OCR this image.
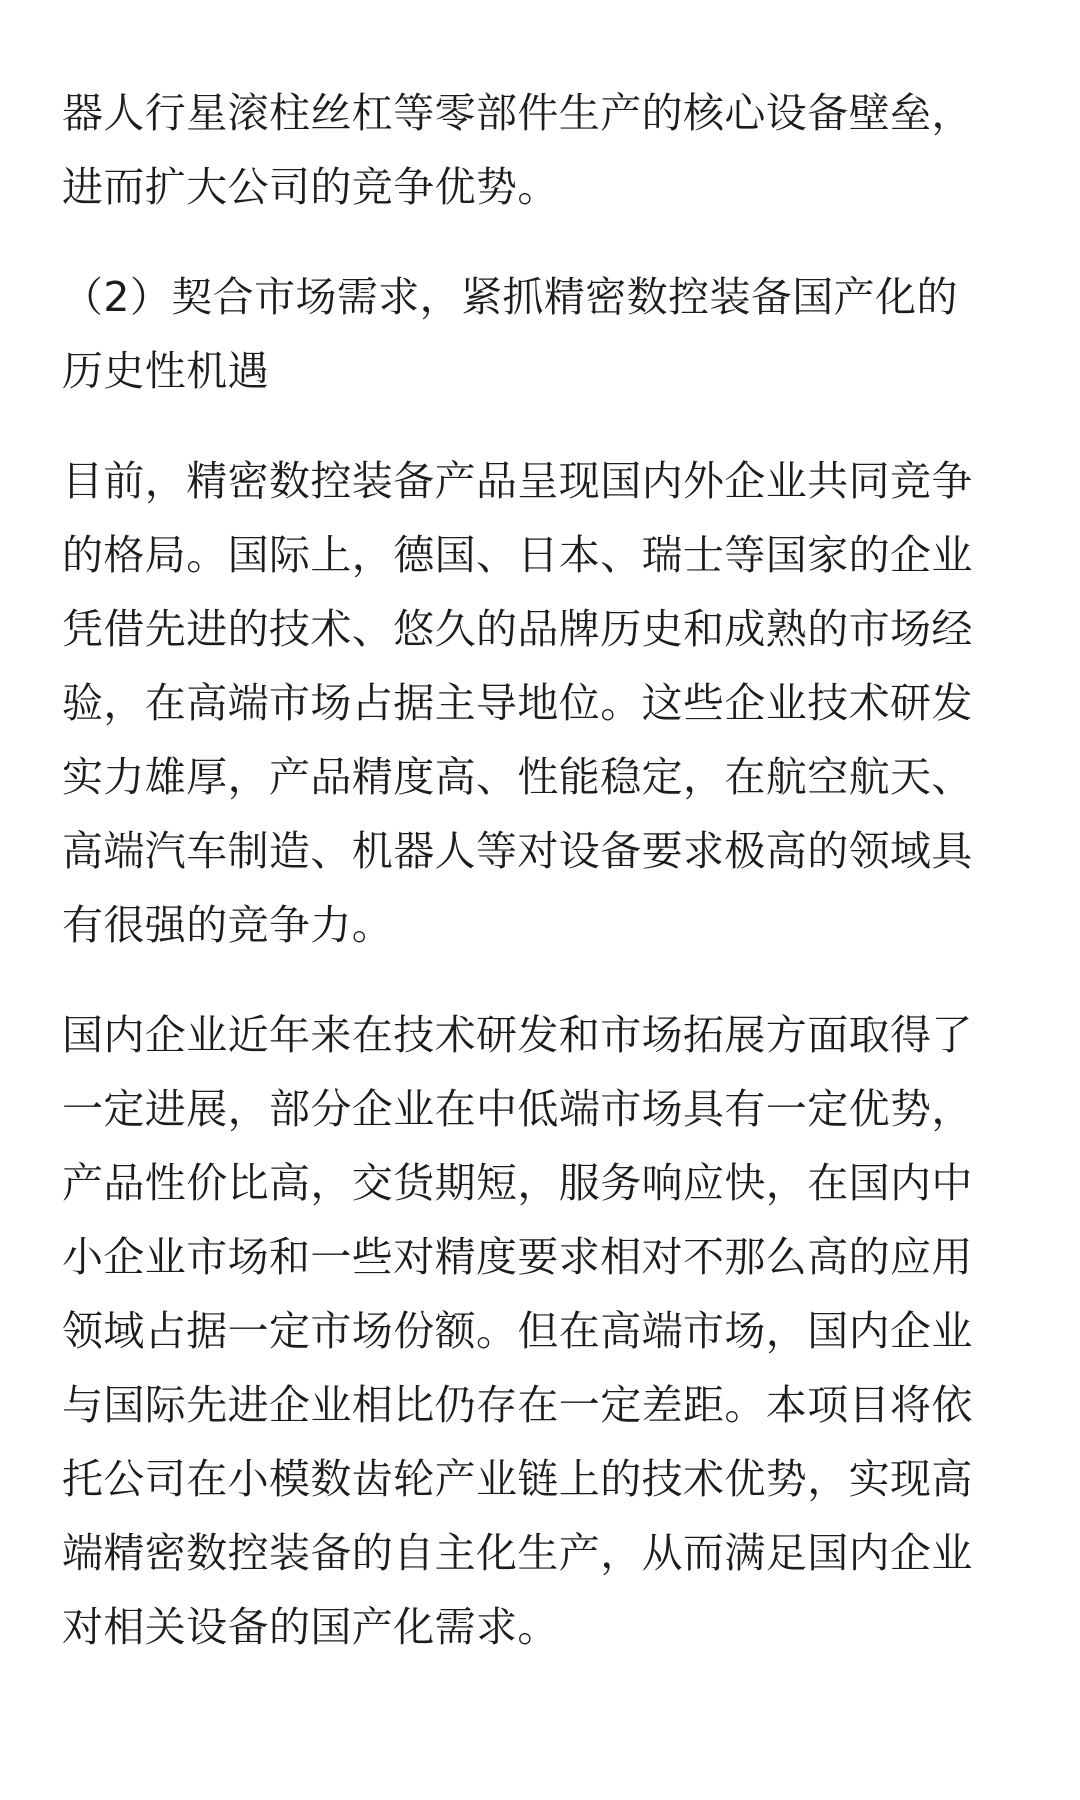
器人行星滚柱丝杠等零部件生产的核心设备壁垒，
进而扩大公司的竞争优势。

（2）契合市场需求，紧抓精密数控装备国产化的
历史性机遇

目前，精密数控装备产品呈现国内外企业共同竞争
的格局。国际上，德国、日本、瑞士等国家的企业
凭借先进的技术、悠久的品牌历史和成熟的市场经
验，在高端市场占据主导地位。这些企业技术研发
实力雄厚，产品精度高、性能稳定，在航空航天、
高端汽车制造、机器人等对设备要求极高的领域具
有很强的竞争力。

国内企业近年来在技术研发和市场拓展方面取得了
一定进展，部分企业在中低端市场具有一定优势，
产品性价比高，交货期短，服务响应快，在国内中
小企业市场和一些对精度要求相对不那么高的应用
领域占据一定市场份额。但在高端市场，国内企业
与国际先进企业相比仍存在一定差距。本项目将依
托公司在小模数齿轮产业链上的技术优势，实现高
端精密数控装备的自主化生产，从而满足国内企业
对相关设备的国产化需求。
